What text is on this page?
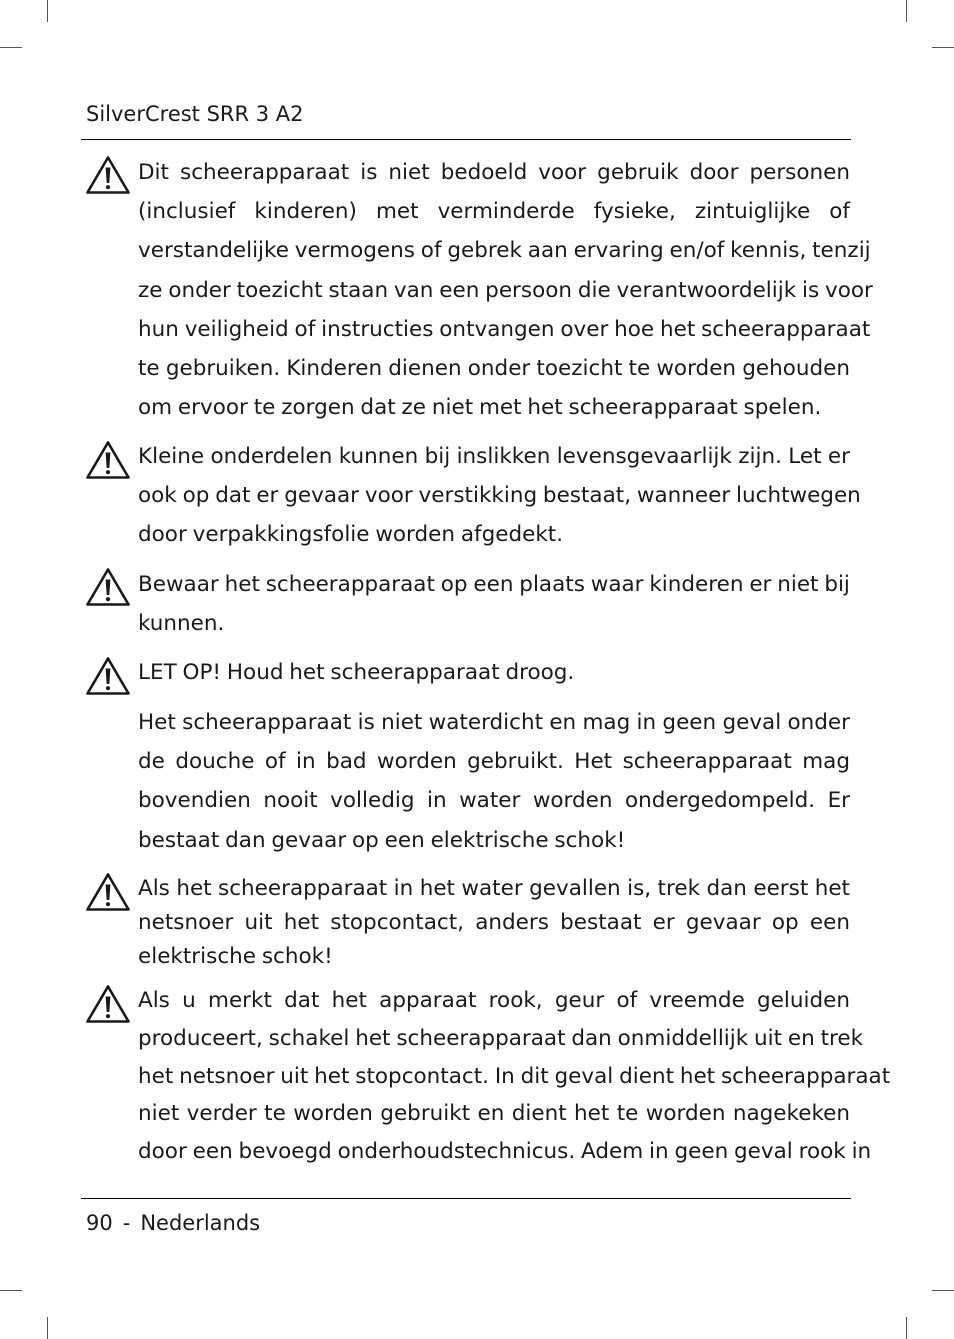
SilverCrest SRR 3 A2

Dit scheerapparaat is niet bedoeld voor gebruik door personen

(inclusief kinderen) met verminderde fysieke, zintuiglijke of

verstandelijke vermogens of gebrek aan ervaring en/of kennis, tenzij

ze onder toezicht staan van een persoon die verantwoordelijk is voor

hun veiligheid of instructies ontvangen over hoe het scheerapparaat

te gebruiken. Kinderen dienen onder toezicht te worden gehouden

om ervoor te zorgen dat ze niet met het scheerapparaat spelen.

Kleine onderdelen kunnen bij inslikken levensgevaarlijk zijn. Let er

ook op dat er gevaar voor verstikking bestaat, wanneer luchtwegen

door verpakkingsfolie worden afgedekt.

Bewaar het scheerapparaat op een plaats waar kinderen er niet bij

kunnen.

LET OP! Houd het scheerapparaat droog.

Het scheerapparaat is niet waterdicht en mag in geen geval onder

de douche of in bad worden gebruikt. Het scheerapparaat mag

bovendien nooit volledig in water worden ondergedompeld. Er

bestaat dan gevaar op een elektrische schok!

Als het scheerapparaat in het water gevallen is, trek dan eerst het

netsnoer uit het stopcontact, anders bestaat er gevaar op een

elektrische schok!

Als u merkt dat het apparaat rook, geur of vreemde geluiden

produceert, schakel het scheerapparaat dan onmiddellijk uit en trek

het netsnoer uit het stopcontact. In dit geval dient het scheerapparaat

niet verder te worden gebruikt en dient het te worden nagekeken

door een bevoegd onderhoudstechnicus. Adem in geen geval rook in

90 - Nederlands
